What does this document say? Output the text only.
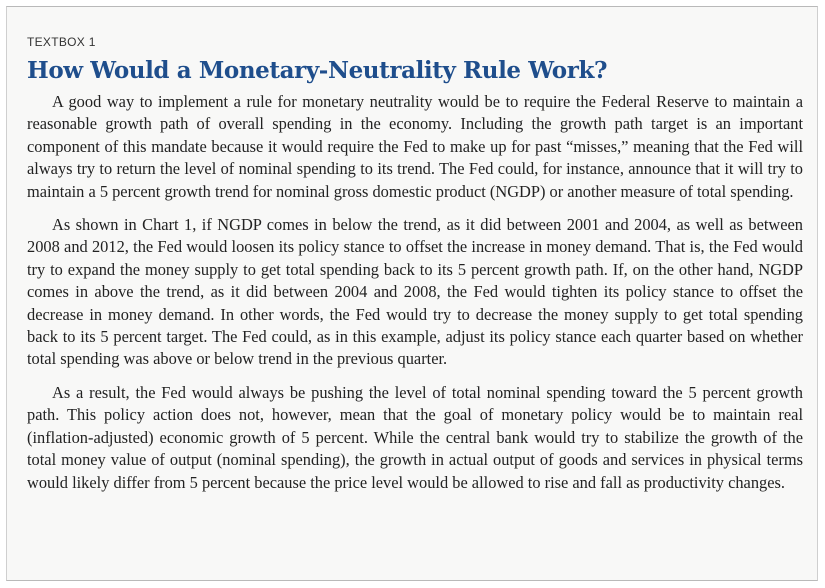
TEXTBOX 1
How Would a Monetary-Neutrality Rule Work?

A good way to implement a rule for monetary neutrality would be to require the Federal Reserve to maintain a reasonable growth path of overall spending in the economy. Including the growth path target is an important component of this mandate because it would require the Fed to make up for past “misses,” meaning that the Fed will always try to return the level of nominal spending to its trend. The Fed could, for instance, announce that it will try to maintain a 5 percent growth trend for nominal gross domestic product (NGDP) or another measure of total spending.

As shown in Chart 1, if NGDP comes in below the trend, as it did between 2001 and 2004, as well as between 2008 and 2012, the Fed would loosen its policy stance to offset the increase in money demand. That is, the Fed would try to expand the money supply to get total spending back to its 5 percent growth path. If, on the other hand, NGDP comes in above the trend, as it did between 2004 and 2008, the Fed would tighten its policy stance to offset the decrease in money demand. In other words, the Fed would try to decrease the money supply to get total spending back to its 5 percent target. The Fed could, as in this example, adjust its policy stance each quarter based on whether total spending was above or below trend in the previous quarter.

As a result, the Fed would always be pushing the level of total nominal spending toward the 5 percent growth path. This policy action does not, however, mean that the goal of monetary policy would be to maintain real (inflation-adjusted) economic growth of 5 percent. While the central bank would try to stabilize the growth of the total money value of output (nominal spending), the growth in actual output of goods and services in physical terms would likely differ from 5 percent because the price level would be allowed to rise and fall as productivity changes.
